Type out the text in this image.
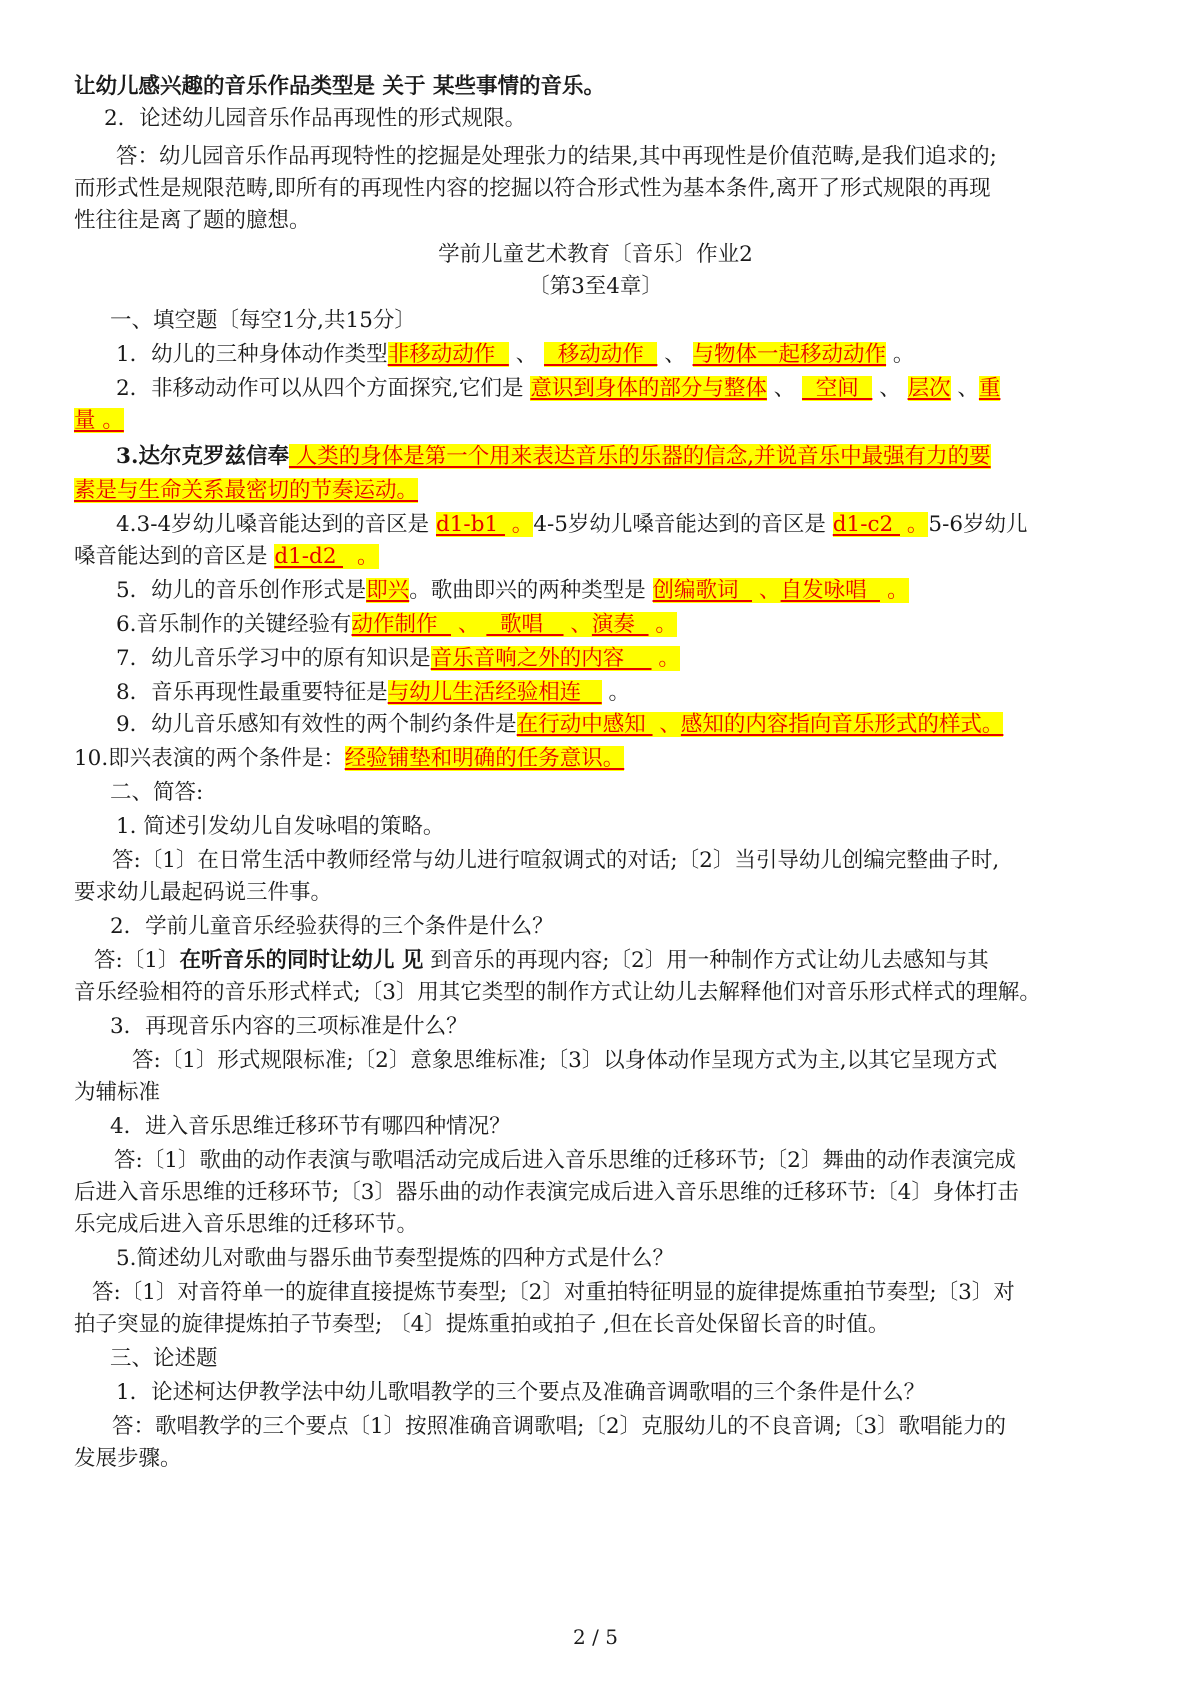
让幼儿感兴趣的音乐作品类型是 关于 某些事情的音乐。
2．论述幼儿园音乐作品再现性的形式规限。
答：幼儿园音乐作品再现特性的挖掘是处理张力的结果,其中再现性是价值范畴,是我们追求的;
而形式性是规限范畴,即所有的再现性内容的挖掘以符合形式性为基本条件,离开了形式规限的再现
性往往是离了题的臆想。
学前儿童艺术教育〔音乐〕作业2
〔第3至4章〕
一、填空题〔每空1分,共15分〕
1．幼儿的三种身体动作类型非移动动作   、   移动动作   、 与物体一起移动动作 。
2．非移动动作可以从四个方面探究,它们是 意识到身体的部分与整体 、   空间   、 层次 、重
量 。
3.达尔克罗兹信奉 人类的身体是第一个用来表达音乐的乐器的信念,并说音乐中最强有力的要
素是与生命关系最密切的节奏运动。
4.3-4岁幼儿嗓音能达到的音区是 d1-b1  。4-5岁幼儿嗓音能达到的音区是 d1-c2  。5-6岁幼儿
嗓音能达到的音区是 d1-d2   。
5．幼儿的音乐创作形式是即兴。歌曲即兴的两种类型是 创编歌词   、自发咏唱   。
6.音乐制作的关键经验有动作制作   、   歌唱    、演奏   。
7．幼儿音乐学习中的原有知识是音乐音响之外的内容     。
8．音乐再现性最重要特征是与幼儿生活经验相连    。
9．幼儿音乐感知有效性的两个制约条件是在行动中感知  、感知的内容指向音乐形式的样式。
10.即兴表演的两个条件是：经验铺垫和明确的任务意识。
二、简答:
1. 简述引发幼儿自发咏唱的策略。
答:〔1〕在日常生活中教师经常与幼儿进行喧叙调式的对话;〔2〕当引导幼儿创编完整曲子时,
要求幼儿最起码说三件事。
2．学前儿童音乐经验获得的三个条件是什么？
答:〔1〕在听音乐的同时让幼儿 见 到音乐的再现内容;〔2〕用一种制作方式让幼儿去感知与其
音乐经验相符的音乐形式样式;〔3〕用其它类型的制作方式让幼儿去解释他们对音乐形式样式的理解。
3．再现音乐内容的三项标准是什么？
答:〔1〕形式规限标准;〔2〕意象思维标准;〔3〕以身体动作呈现方式为主,以其它呈现方式
为辅标准
4．进入音乐思维迁移环节有哪四种情况？
答:〔1〕歌曲的动作表演与歌唱活动完成后进入音乐思维的迁移环节;〔2〕舞曲的动作表演完成
后进入音乐思维的迁移环节;〔3〕器乐曲的动作表演完成后进入音乐思维的迁移环节:〔4〕身体打击
乐完成后进入音乐思维的迁移环节。
5.简述幼儿对歌曲与器乐曲节奏型提炼的四种方式是什么？
答:〔1〕对音符单一的旋律直接提炼节奏型;〔2〕对重拍特征明显的旋律提炼重拍节奏型;〔3〕对
拍子突显的旋律提炼拍子节奏型; 〔4〕提炼重拍或拍子 ,但在长音处保留长音的时值。
三、论述题
1．论述柯达伊教学法中幼儿歌唱教学的三个要点及准确音调歌唱的三个条件是什么？
答：歌唱教学的三个要点〔1〕按照准确音调歌唱;〔2〕克服幼儿的不良音调;〔3〕歌唱能力的
发展步骤。
2 / 5
